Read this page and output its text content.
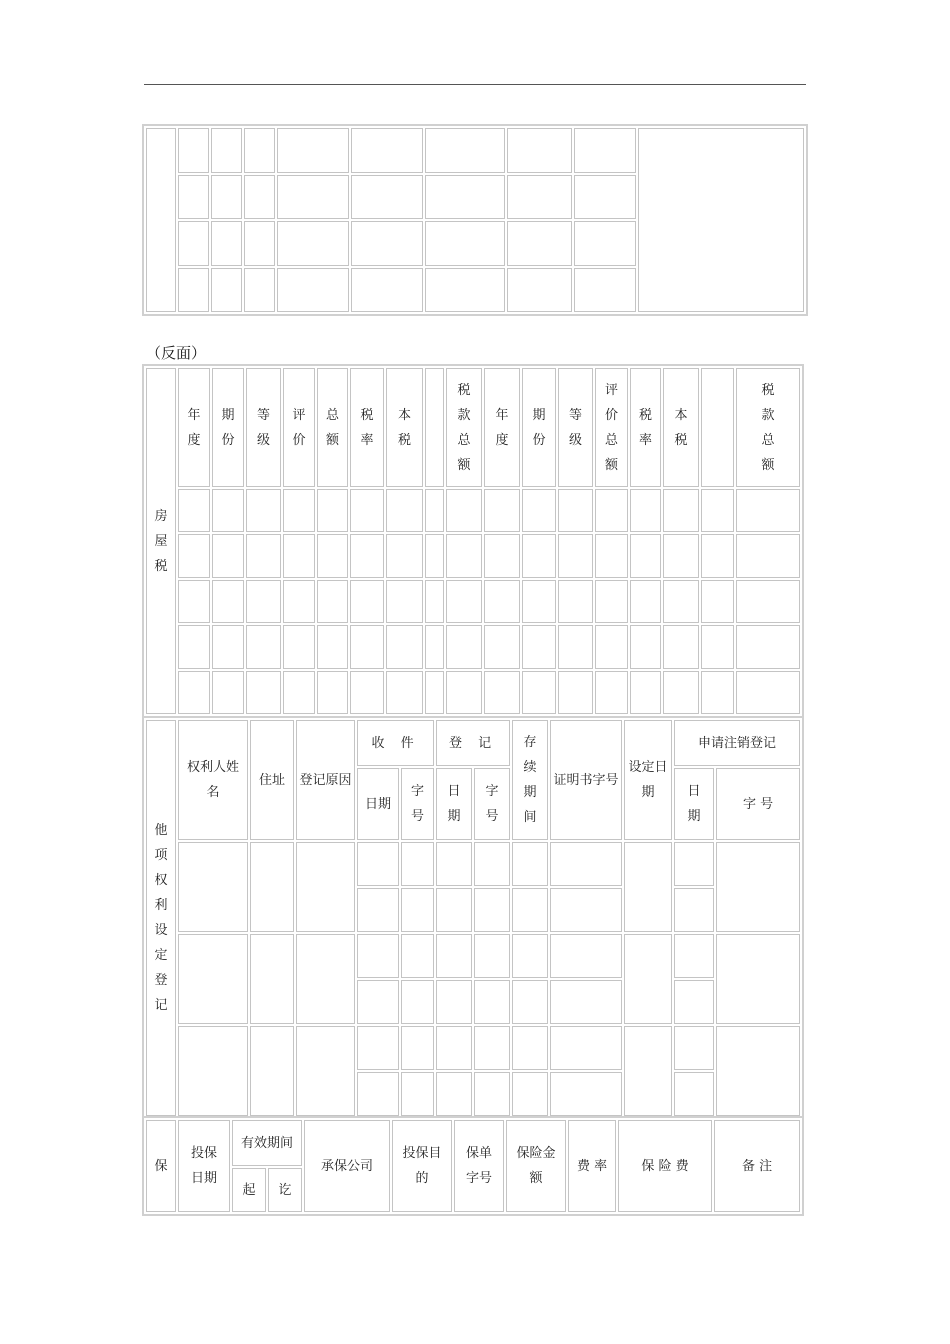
（反面）
房屋税	年度	期份	等级	评价	总额	税率	本税		税款总额	年度	期份	等级	评价总额	税率	本税		税款总额

他项权利设定登记	权利人姓名	住址	登记原因	收 件		登 记		存续期间	证明书字号	设定日期	申请注销登记	

				日期	字号	日期	字号				日期	字 号

保	投保日期	有效期间		承保公司	投保目的	保单字号	保险金额	费 率	保 险 费	备 注

		起	讫							
